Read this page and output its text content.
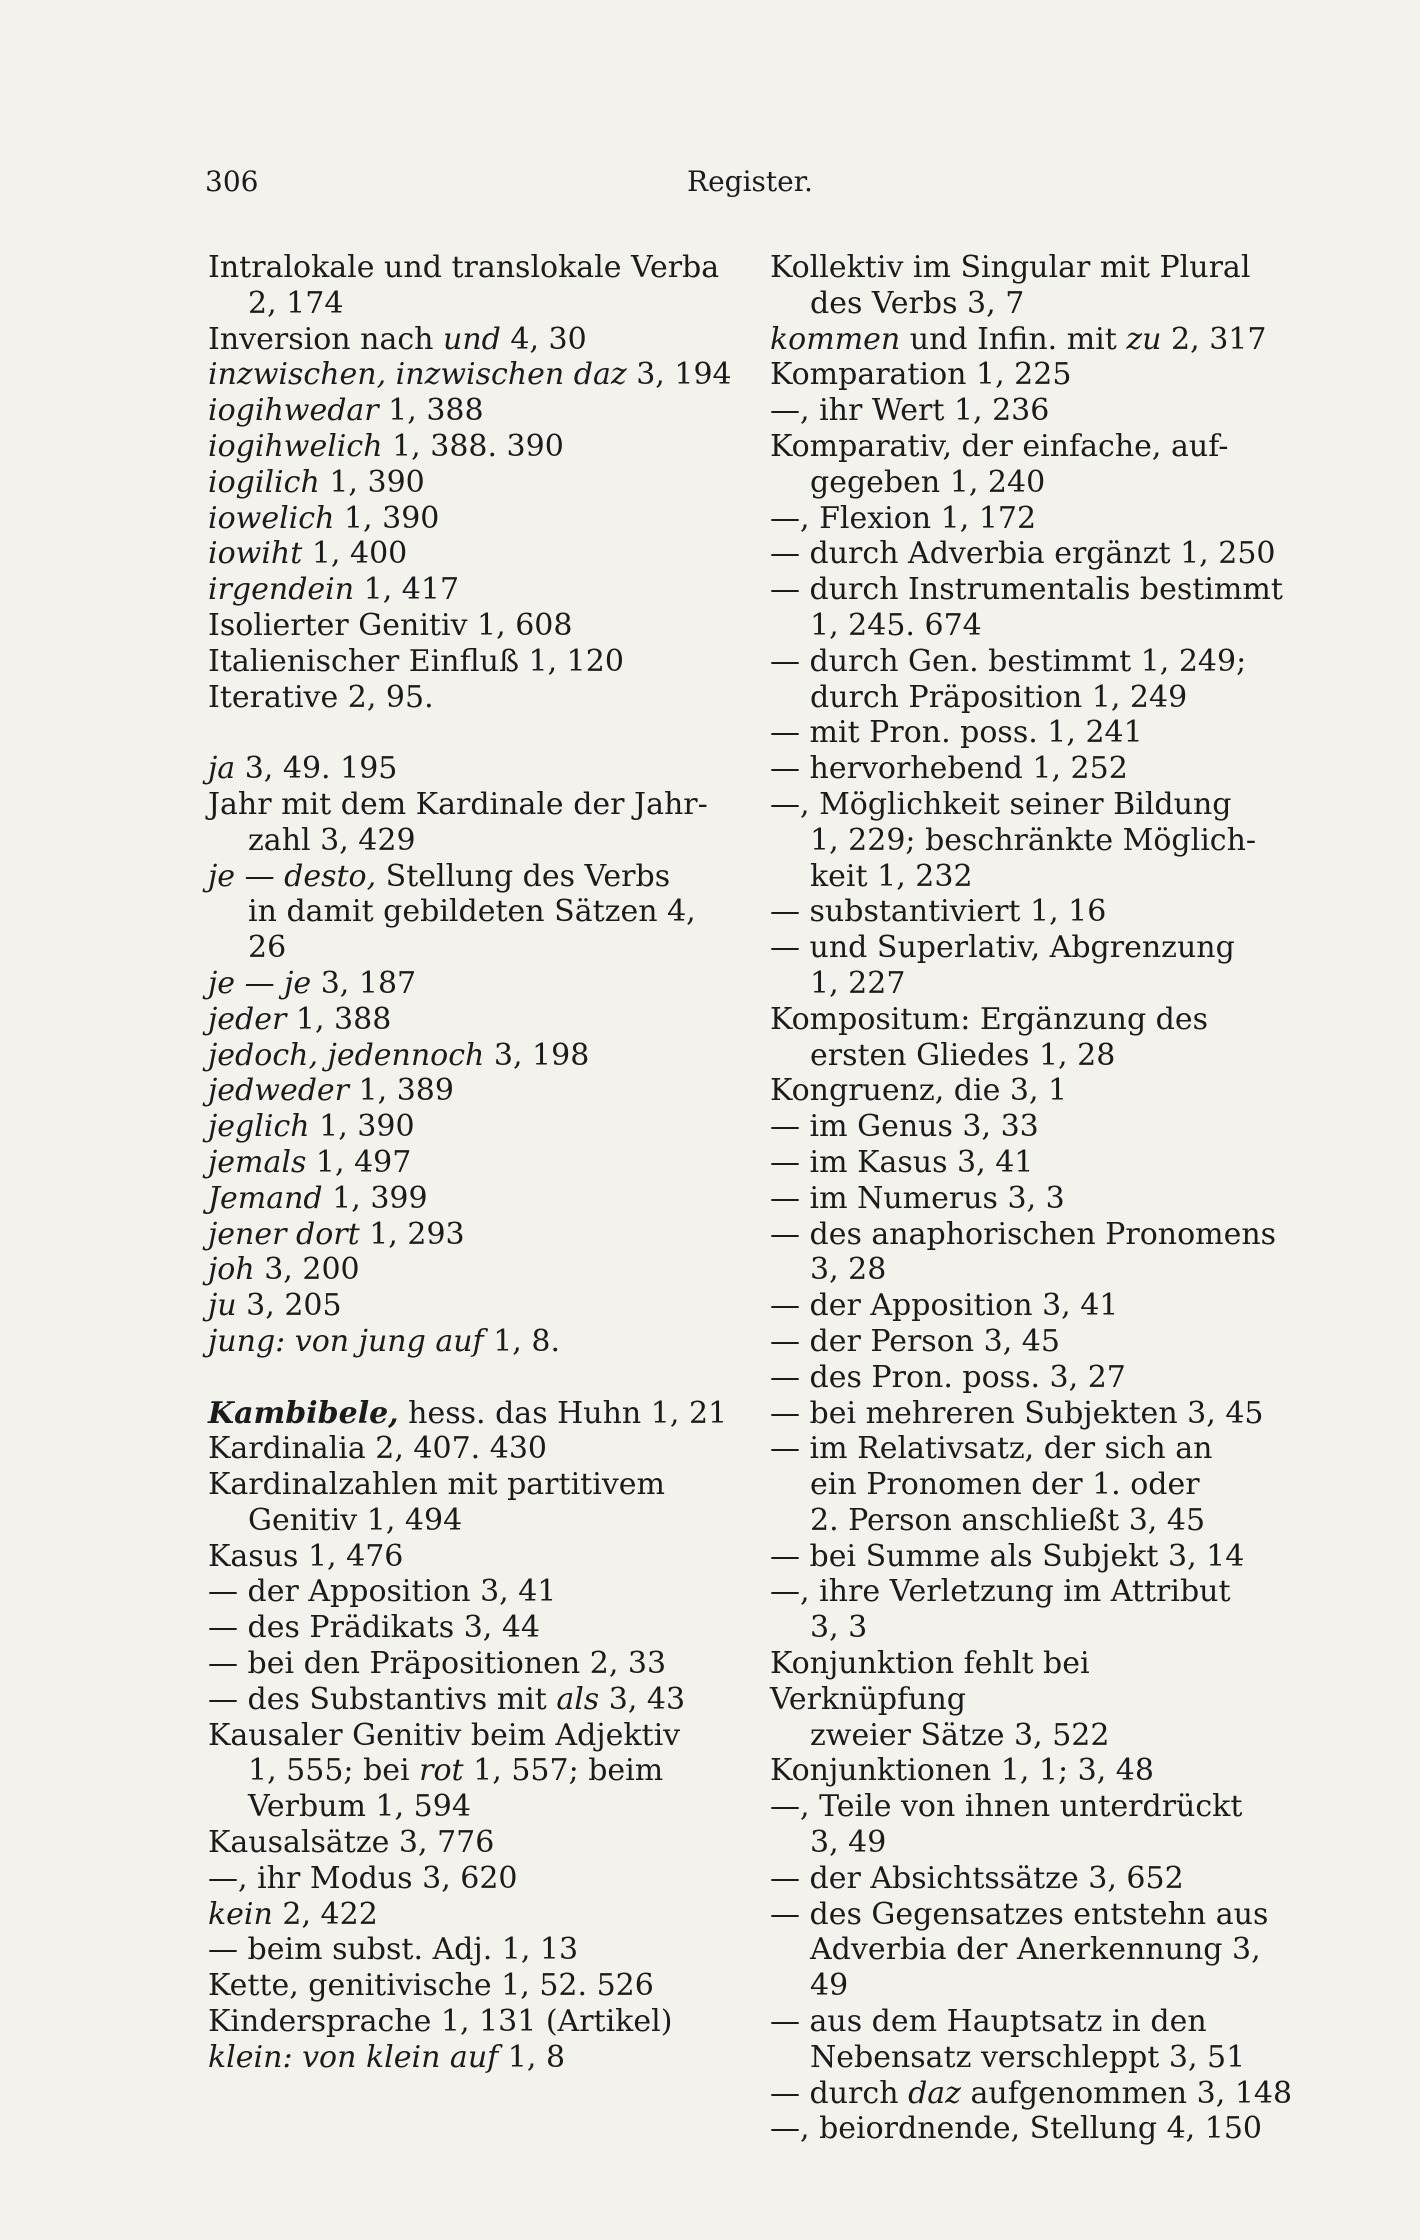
306	Register.
Intralokale und translokale Verba
2, 174
Inversion nach und 4, 30
inzwischen, inzwischen daz 3, 194
iogihwedar 1, 388
iogihwelich 1, 388. 390
iogilich 1, 390
iowelich 1, 390
iowiht 1, 400
irgendein 1, 417
Isolierter Genitiv 1, 608
Italienischer Einfluß 1, 120
Iterative 2, 95.
ja 3, 49. 195
Jahr mit dem Kardinale der Jahr-
zahl 3, 429
je — desto, Stellung des Verbs
in damit gebildeten Sätzen 4, 26
je — je 3, 187
jeder 1, 388
jedoch, jedennoch 3, 198
jedweder 1, 389
jeglich 1, 390
jemals 1, 497
Jemand 1, 399
jener dort 1, 293
joh 3, 200
ju 3, 205
jung: von jung auf 1, 8.
Kambibele, hess. das Huhn 1, 21
Kardinalia 2, 407. 430
Kardinalzahlen mit partitivem
Genitiv 1, 494
Kasus 1, 476
— der Apposition 3, 41
— des Prädikats 3, 44
— bei den Präpositionen 2, 33
— des Substantivs mit als 3, 43
Kausaler Genitiv beim Adjektiv
1, 555; bei rot 1, 557; beim
Verbum 1, 594
Kausalsätze 3, 776
—, ihr Modus 3, 620
kein 2, 422
— beim subst. Adj. 1, 13
Kette, genitivische 1, 52. 526
Kindersprache 1, 131 (Artikel)
klein: von klein auf 1, 8
Kollektiv im Singular mit Plural
des Verbs 3, 7
kommen und Infin. mit zu 2, 317
Komparation 1, 225
—, ihr Wert 1, 236
Komparativ, der einfache, auf-
gegeben 1, 240
—, Flexion 1, 172
— durch Adverbia ergänzt 1, 250
— durch Instrumentalis bestimmt
1, 245. 674
— durch Gen. bestimmt 1, 249;
durch Präposition 1, 249
— mit Pron. poss. 1, 241
— hervorhebend 1, 252
—, Möglichkeit seiner Bildung
1, 229; beschränkte Möglich-
keit 1, 232
— substantiviert 1, 16
— und Superlativ, Abgrenzung
1, 227
Kompositum: Ergänzung des
ersten Gliedes 1, 28
Kongruenz, die 3, 1
— im Genus 3, 33
— im Kasus 3, 41
— im Numerus 3, 3
— des anaphorischen Pronomens
3, 28
— der Apposition 3, 41
— der Person 3, 45
— des Pron. poss. 3, 27
— bei mehreren Subjekten 3, 45
— im Relativsatz, der sich an
ein Pronomen der 1. oder
2. Person anschließt 3, 45
— bei Summe als Subjekt 3, 14
—, ihre Verletzung im Attribut
3, 3
Konjunktion fehlt bei Verknüpfung
zweier Sätze 3, 522
Konjunktionen 1, 1; 3, 48
—, Teile von ihnen unterdrückt
3, 49
— der Absichtssätze 3, 652
— des Gegensatzes entstehn aus
Adverbia der Anerkennung 3, 49
— aus dem Hauptsatz in den
Nebensatz verschleppt 3, 51
— durch daz aufgenommen 3, 148
—, beiordnende, Stellung 4, 150
